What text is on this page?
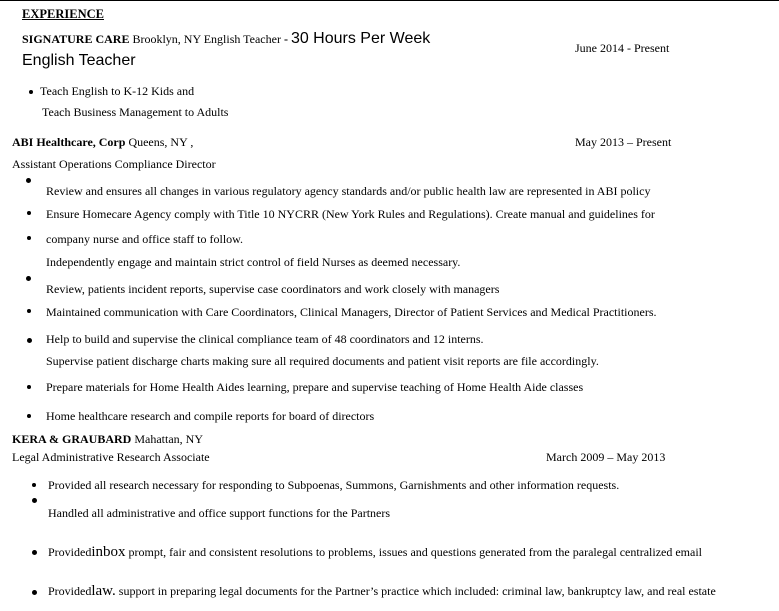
EXPERIENCE
SIGNATURE CARE Brooklyn, NY English Teacher - 30 Hours Per Week
June 2014 - Present
English Teacher
Teach English to K-12 Kids and
Teach Business Management to Adults
ABI Healthcare, Corp Queens, NY ,	May 2013 – Present
Assistant Operations Compliance Director
Review and ensures all changes in various regulatory agency standards and/or public health law are represented in ABI policy
Ensure Homecare Agency comply with Title 10 NYCRR (New York Rules and Regulations). Create manual and guidelines for
company nurse and office staff to follow.
Independently engage and maintain strict control of field Nurses as deemed necessary.
Review, patients incident reports, supervise case coordinators and work closely with managers
Maintained communication with Care Coordinators, Clinical Managers, Director of Patient Services and Medical Practitioners.
Help to build and supervise the clinical compliance team of 48 coordinators and 12 interns.
Supervise patient discharge charts making sure all required documents and patient visit reports are file accordingly.
Prepare materials for Home Health Aides learning, prepare and supervise teaching of Home Health Aide classes
Home healthcare research and compile reports for board of directors
KERA & GRAUBARD Mahattan, NY
Legal Administrative Research Associate	March 2009 – May 2013
Provided all research necessary for responding to Subpoenas, Summons, Garnishments and other information requests.
Handled all administrative and office support functions for the Partners
Providedinbox prompt, fair and consistent resolutions to problems, issues and questions generated from the paralegal centralized email
Providedlaw. support in preparing legal documents for the Partner’s practice which included: criminal law, bankruptcy law, and real estate
